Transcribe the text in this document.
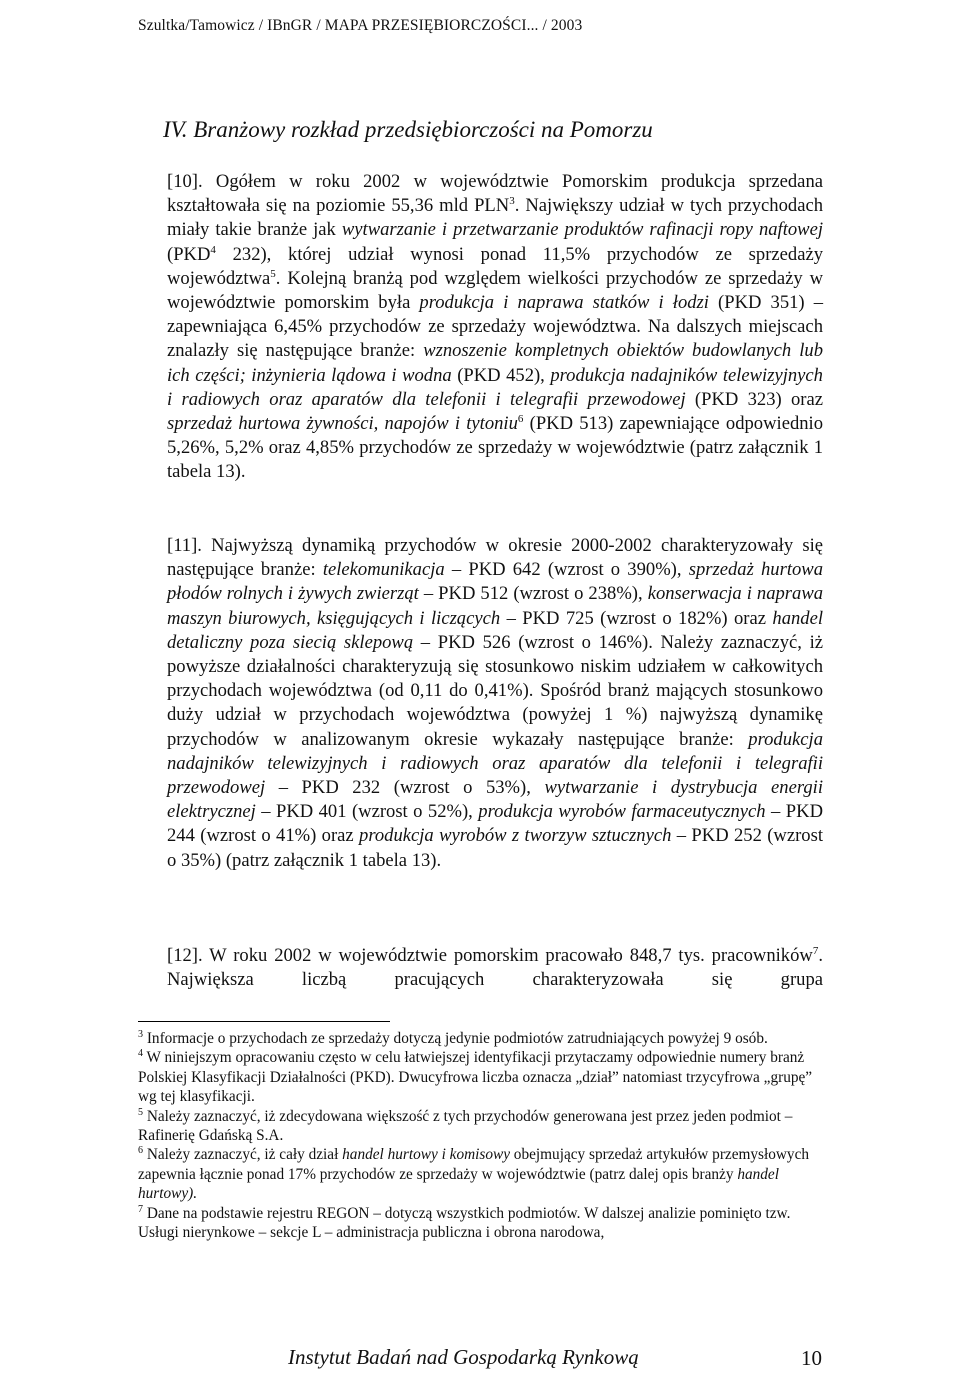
Szultka/Tamowicz / IBnGR / MAPA PRZESIĘBIORCZOŚCI... / 2003
IV. Branżowy rozkład przedsiębiorczości na Pomorzu

[10]. Ogółem w roku 2002 w województwie Pomorskim produkcja sprzedana kształtowała się na poziomie 55,36 mld PLN$^3$. Największy udział w tych przychodach miały takie branże jak wytwarzanie i przetwarzanie produktów rafinacji ropy naftowej (PKD$^4$ 232), której udział wynosi ponad 11,5% przychodów ze sprzedaży województwa$^5$. Kolejną branżą pod względem wielkości przychodów ze sprzedaży w województwie pomorskim była produkcja i naprawa statków i łodzi (PKD 351) – zapewniająca 6,45% przychodów ze sprzedaży województwa. Na dalszych miejscach znalazły się następujące branże: wznoszenie kompletnych obiektów budowlanych lub ich części; inżynieria lądowa i wodna (PKD 452), produkcja nadajników telewizyjnych i radiowych oraz aparatów dla telefonii i telegrafii przewodowej (PKD 323) oraz sprzedaż hurtowa żywności, napojów i tytoniu$^6$ (PKD 513) zapewniające odpowiednio 5,26%, 5,2% oraz 4,85% przychodów ze sprzedaży w województwie (patrz załącznik 1 tabela 13).

[11]. Najwyższą dynamiką przychodów w okresie 2000-2002 charakteryzowały się następujące branże: telekomunikacja – PKD 642 (wzrost o 390%), sprzedaż hurtowa płodów rolnych i żywych zwierząt – PKD 512 (wzrost o 238%), konserwacja i naprawa maszyn biurowych, księgujących i liczących – PKD 725 (wzrost o 182%) oraz handel detaliczny poza siecią sklepową – PKD 526 (wzrost o 146%). Należy zaznaczyć, iż powyższe działalności charakteryzują się stosunkowo niskim udziałem w całkowitych przychodach województwa (od 0,11 do 0,41%). Spośród branż mających stosunkowo duży udział w przychodach województwa (powyżej 1 %) najwyższą dynamikę przychodów w analizowanym okresie wykazały następujące branże: produkcja nadajników telewizyjnych i radiowych oraz aparatów dla telefonii i telegrafii przewodowej – PKD 232 (wzrost o 53%), wytwarzanie i dystrybucja energii elektrycznej – PKD 401 (wzrost o 52%), produkcja wyrobów farmaceutycznych – PKD 244 (wzrost o 41%) oraz produkcja wyrobów z tworzyw sztucznych – PKD 252 (wzrost o 35%) (patrz załącznik 1 tabela 13).

[12]. W roku 2002 w województwie pomorskim pracowało 848,7 tys. pracowników$^7$. Największa liczbą pracujących charakteryzowała się grupa

$^3$ Informacje o przychodach ze sprzedaży dotyczą jedynie podmiotów zatrudniających powyżej 9 osób.
$^4$ W niniejszym opracowaniu często w celu łatwiejszej identyfikacji przytaczamy odpowiednie numery branż Polskiej Klasyfikacji Działalności (PKD). Dwucyfrowa liczba oznacza „dział” natomiast trzycyfrowa „grupę” wg tej klasyfikacji.
$^5$ Należy zaznaczyć, iż zdecydowana większość z tych przychodów generowana jest przez jeden podmiot – Rafinerię Gdańską S.A.
$^6$ Należy zaznaczyć, iż cały dział handel hurtowy i komisowy obejmujący sprzedaż artykułów przemysłowych zapewnia łącznie ponad 17% przychodów ze sprzedaży w województwie (patrz dalej opis branży handel hurtowy).
$^7$ Dane na podstawie rejestru REGON – dotyczą wszystkich podmiotów. W dalszej analizie pominięto tzw. Usługi nierynkowe – sekcje L – administracja publiczna i obrona narodowa,
Instytut Badań nad Gospodarką Rynkową	10
